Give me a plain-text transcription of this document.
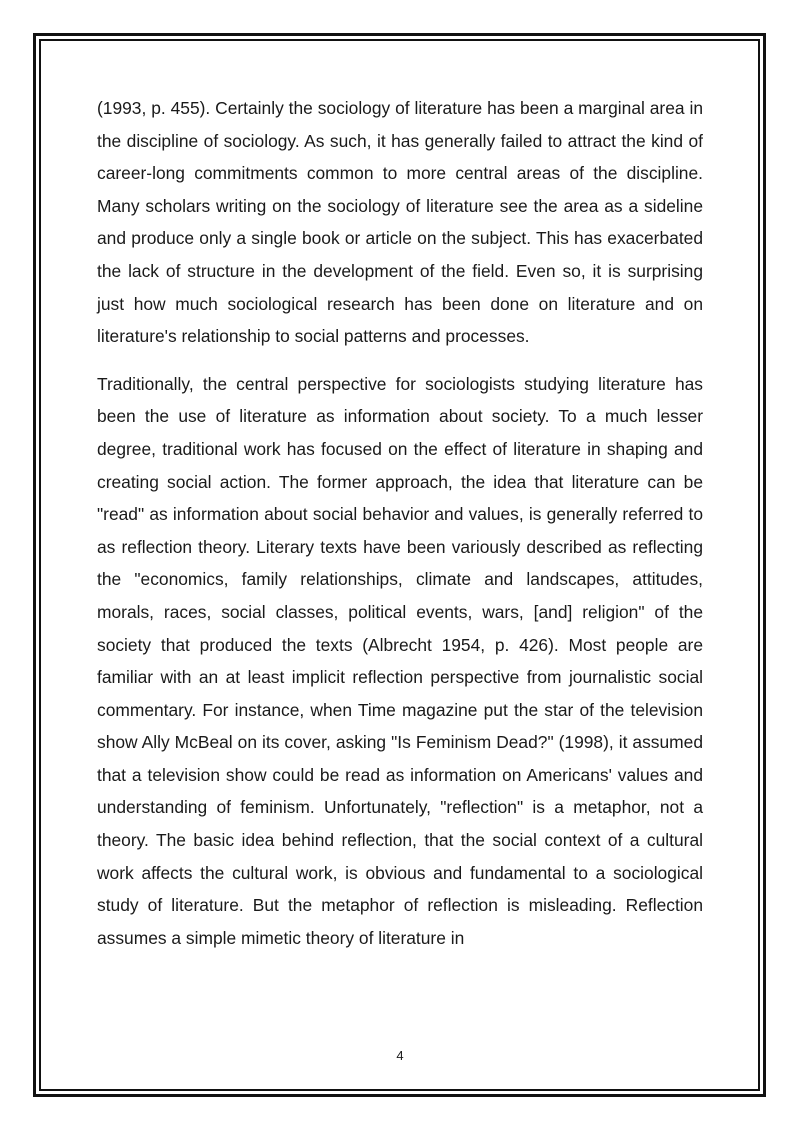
(1993, p. 455). Certainly the sociology of literature has been a marginal area in the discipline of sociology. As such, it has generally failed to attract the kind of career-long commitments common to more central areas of the discipline. Many scholars writing on the sociology of literature see the area as a sideline and produce only a single book or article on the subject. This has exacerbated the lack of structure in the development of the field. Even so, it is surprising just how much sociological research has been done on literature and on literature's relationship to social patterns and processes.

Traditionally, the central perspective for sociologists studying literature has been the use of literature as information about society. To a much lesser degree, traditional work has focused on the effect of literature in shaping and creating social action. The former approach, the idea that literature can be "read" as information about social behavior and values, is generally referred to as reflection theory. Literary texts have been variously described as reflecting the "economics, family relationships, climate and landscapes, attitudes, morals, races, social classes, political events, wars, [and] religion" of the society that produced the texts (Albrecht 1954, p. 426). Most people are familiar with an at least implicit reflection perspective from journalistic social commentary. For instance, when Time magazine put the star of the television show Ally McBeal on its cover, asking "Is Feminism Dead?" (1998), it assumed that a television show could be read as information on Americans' values and understanding of feminism. Unfortunately, "reflection" is a metaphor, not a theory. The basic idea behind reflection, that the social context of a cultural work affects the cultural work, is obvious and fundamental to a sociological study of literature. But the metaphor of reflection is misleading. Reflection assumes a simple mimetic theory of literature in

4
